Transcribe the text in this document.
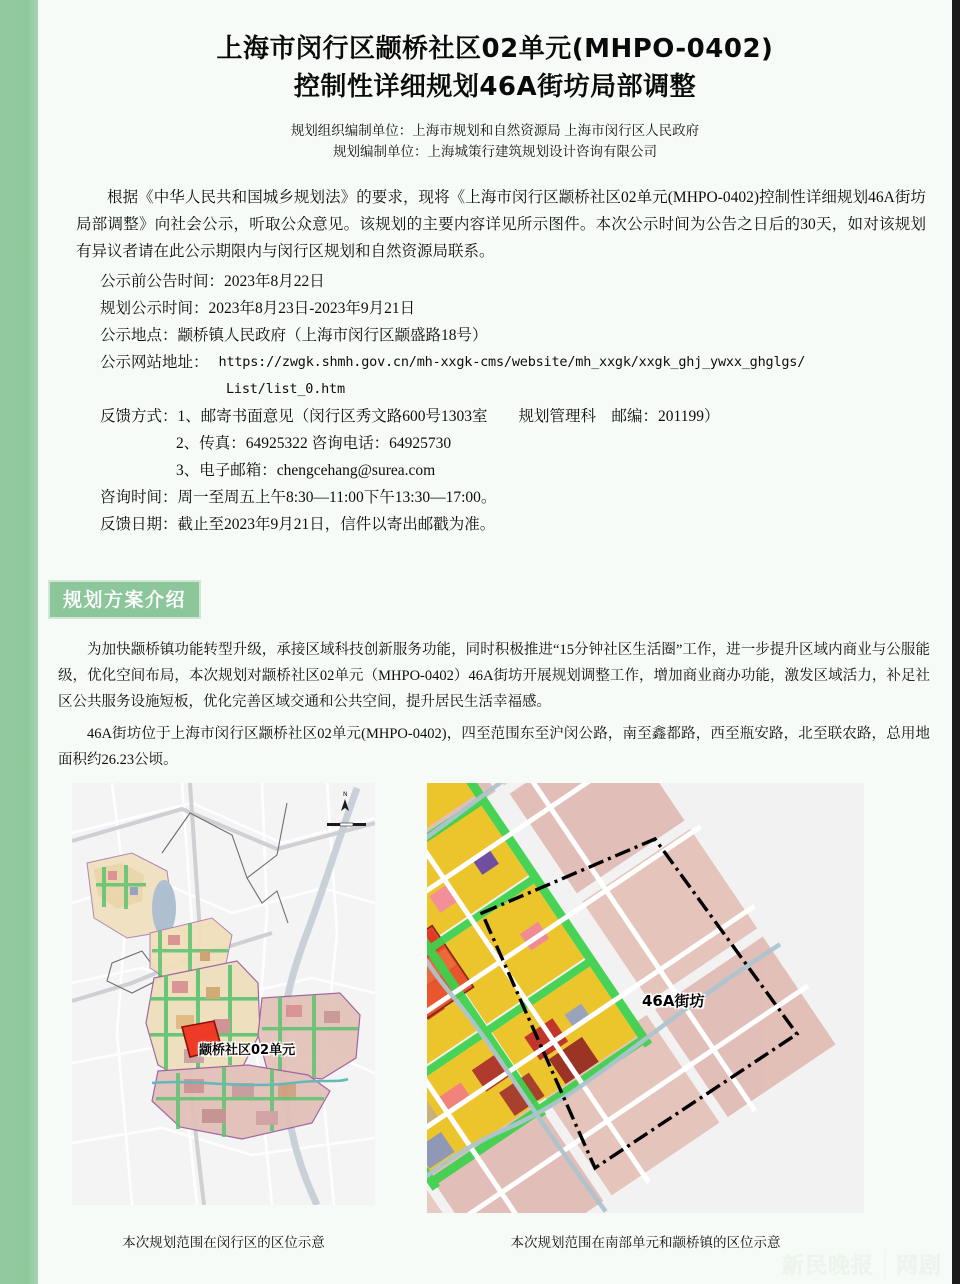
上海市闵行区颛桥社区02单元(MHPO-0402)
控制性详细规划46A街坊局部调整
规划组织编制单位：上海市规划和自然资源局 上海市闵行区人民政府
规划编制单位：上海城策行建筑规划设计咨询有限公司

根据《中华人民共和国城乡规划法》的要求，现将《上海市闵行区颛桥社区02单元(MHPO-0402)控制性详细规划46A街坊局部调整》向社会公示，听取公众意见。该规划的主要内容详见所示图件。本次公示时间为公告之日后的30天，如对该规划有异议者请在此公示期限内与闵行区规划和自然资源局联系。

公示前公告时间：2023年8月22日
规划公示时间：2023年8月23日-2023年9月21日
公示地点：颛桥镇人民政府（上海市闵行区颛盛路18号）
公示网站地址： https://zwgk.shmh.gov.cn/mh-xxgk-cms/website/mh_xxgk/xxgk_ghj_ywxx_ghglgs/
List/list_0.htm
反馈方式：1、邮寄书面意见（闵行区秀文路600号1303室　　规划管理科　邮编：201199）
2、传真：64925322 咨询电话：64925730
3、电子邮箱：chengcehang@surea.com
咨询时间：周一至周五上午8:30—11:00下午13:30—17:00。
反馈日期：截止至2023年9月21日，信件以寄出邮戳为准。
规划方案介绍

为加快颛桥镇功能转型升级，承接区域科技创新服务功能，同时积极推进“15分钟社区生活圈”工作，进一步提升区域内商业与公服能级，优化空间布局，本次规划对颛桥社区02单元（MHPO-0402）46A街坊开展规划调整工作，增加商业商办功能，激发区域活力，补足社区公共服务设施短板，优化完善区域交通和公共空间，提升居民生活幸福感。

46A街坊位于上海市闵行区颛桥社区02单元(MHPO-0402)，四至范围东至沪闵公路，南至鑫都路，西至瓶安路，北至联农路，总用地面积约26.23公顷。

N
颛桥社区02单元
46A街坊
本次规划范围在闵行区的区位示意	本次规划范围在南部单元和颛桥镇的区位示意
新民晚报 网剧
